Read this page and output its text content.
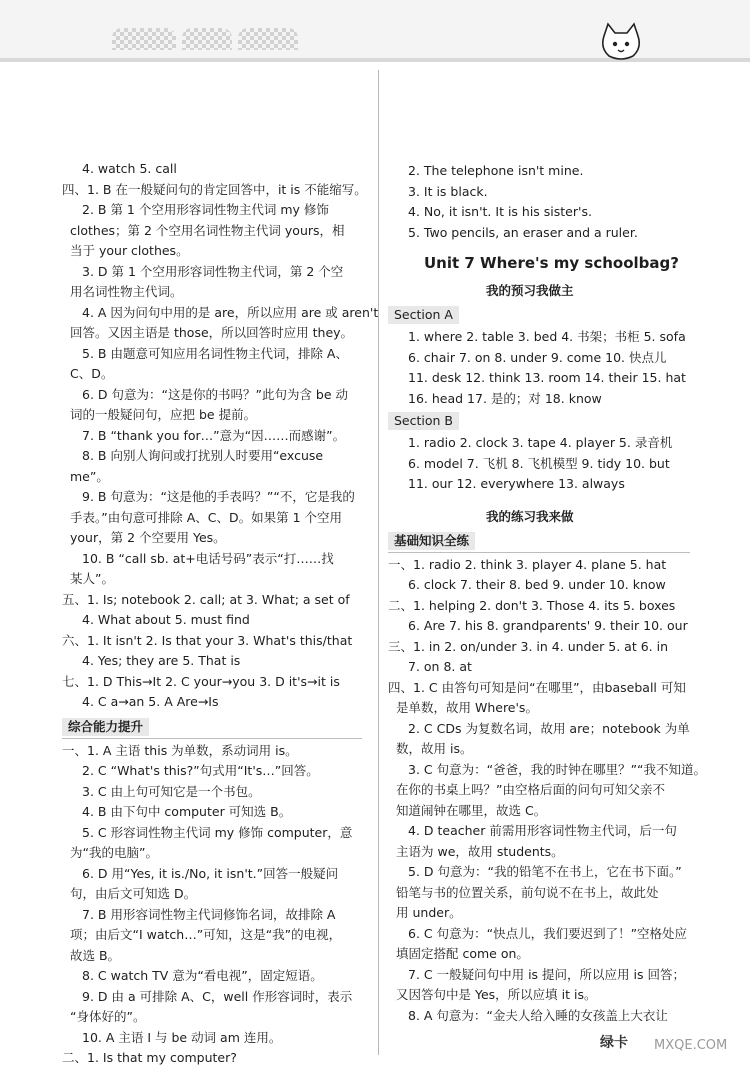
4. watch 5. call
四、1. B 在一般疑问句的肯定回答中，it is 不能缩写。
2. B 第 1 个空用形容词性物主代词 my 修饰
clothes；第 2 个空用名词性物主代词 yours，相
当于 your clothes。
3. D 第 1 个空用形容词性物主代词，第 2 个空
用名词性物主代词。
4. A 因为问句中用的是 are，所以应用 are 或 aren't
回答。又因主语是 those，所以回答时应用 they。
5. B 由题意可知应用名词性物主代词，排除 A、
C、D。
6. D 句意为：“这是你的书吗？”此句为含 be 动
词的一般疑问句，应把 be 提前。
7. B “thank you for…”意为“因……而感谢”。
8. B 向别人询问或打扰别人时要用“excuse
me”。
9. B 句意为：“这是他的手表吗？”“不，它是我的
手表。”由句意可排除 A、C、D。如果第 1 个空用
your，第 2 个空要用 Yes。
10. B “call sb. at+电话号码”表示“打……找
某人”。
五、1. Is; notebook 2. call; at 3. What; a set of
4. What about 5. must find
六、1. It isn't 2. Is that your 3. What's this/that
4. Yes; they are 5. That is
七、1. D This→It 2. C your→you 3. D it's→it is
4. C a→an 5. A Are→Is
综合能力提升
一、1. A 主语 this 为单数，系动词用 is。
2. C “What's this?”句式用“It's…”回答。
3. C 由上句可知它是一个书包。
4. B 由下句中 computer 可知选 B。
5. C 形容词性物主代词 my 修饰 computer，意
为“我的电脑”。
6. D 用“Yes, it is./No, it isn't.”回答一般疑问
句，由后文可知选 D。
7. B 用形容词性物主代词修饰名词，故排除 A
项；由后文“I watch…”可知，这是“我”的电视，
故选 B。
8. C watch TV 意为“看电视”，固定短语。
9. D 由 a 可排除 A、C，well 作形容词时，表示
“身体好的”。
10. A 主语 I 与 be 动词 am 连用。
二、1. Is that my computer?
2. The telephone isn't mine.
3. It is black.
4. No, it isn't. It is his sister's.
5. Two pencils, an eraser and a ruler.
Unit 7 Where's my schoolbag?
我的预习我做主
Section A
1. where 2. table 3. bed 4. 书架；书柜 5. sofa
6. chair 7. on 8. under 9. come 10. 快点儿
11. desk 12. think 13. room 14. their 15. hat
16. head 17. 是的；对 18. know
Section B
1. radio 2. clock 3. tape 4. player 5. 录音机
6. model 7. 飞机 8. 飞机模型 9. tidy 10. but
11. our 12. everywhere 13. always
我的练习我来做
基础知识全练
一、1. radio 2. think 3. player 4. plane 5. hat
6. clock 7. their 8. bed 9. under 10. know
二、1. helping 2. don't 3. Those 4. its 5. boxes
6. Are 7. his 8. grandparents' 9. their 10. our
三、1. in 2. on/under 3. in 4. under 5. at 6. in
7. on 8. at
四、1. C 由答句可知是问“在哪里”，由baseball 可知
是单数，故用 Where's。
2. C CDs 为复数名词，故用 are；notebook 为单
数，故用 is。
3. C 句意为：“爸爸，我的时钟在哪里？”“我不知道。
在你的书桌上吗？”由空格后面的问句可知父亲不
知道闹钟在哪里，故选 C。
4. D teacher 前需用形容词性物主代词，后一句
主语为 we，故用 students。
5. D 句意为：“我的铅笔不在书上，它在书下面。”
铅笔与书的位置关系，前句说不在书上，故此处
用 under。
6. C 句意为：“快点儿，我们要迟到了！”空格处应
填固定搭配 come on。
7. C 一般疑问句中用 is 提问，所以应用 is 回答；
又因答句中是 Yes，所以应填 it is。
8. A 句意为：“金夫人给入睡的女孩盖上大衣让
绿卡 MXQE.COM
